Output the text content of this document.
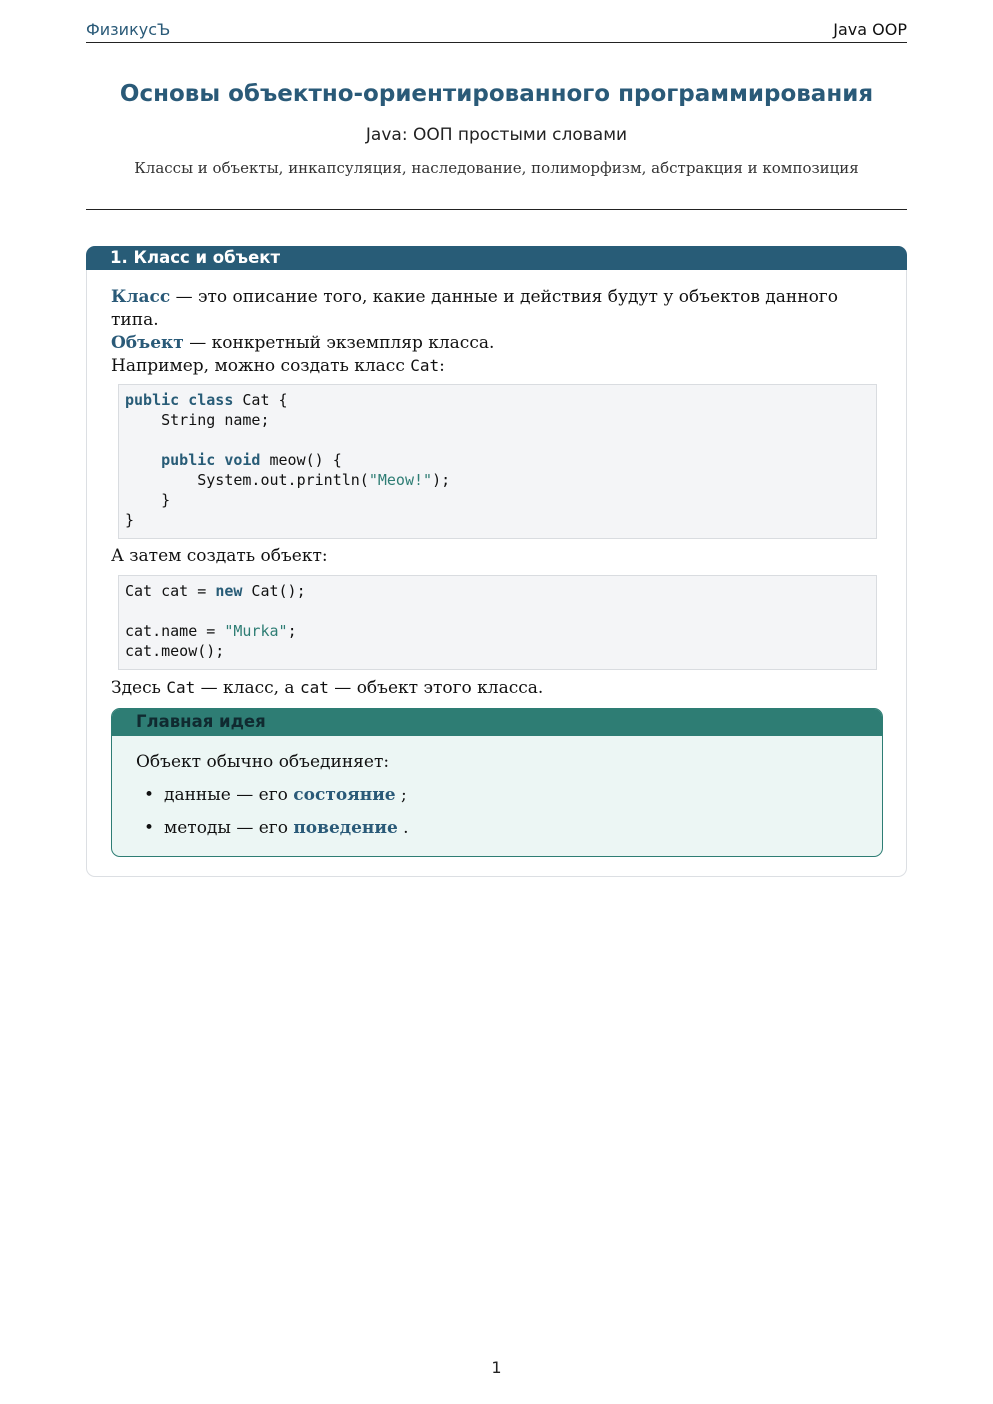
ФизикусЪ	Java OOP
Основы объектно-ориентированного программирования
Java: ООП простыми словами
Классы и объекты, инкапсуляция, наследование, полиморфизм, абстракция и композиция
1. Класс и объект
Класс — это описание того, какие данные и действия будут у объектов данного
типа.
Объект — конкретный экземпляр класса.
Например, можно создать класс Cat:
public class Cat {
String name;

public void meow() {
System.out.println("Meow!");
}
}
А затем создать объект:
Cat cat = new Cat();

cat.name = "Murka";
cat.meow();
Здесь Cat — класс, а cat — объект этого класса.
Главная идея
Объект обычно объединяет:
• данные — его состояние ;
• методы — его поведение .
1
